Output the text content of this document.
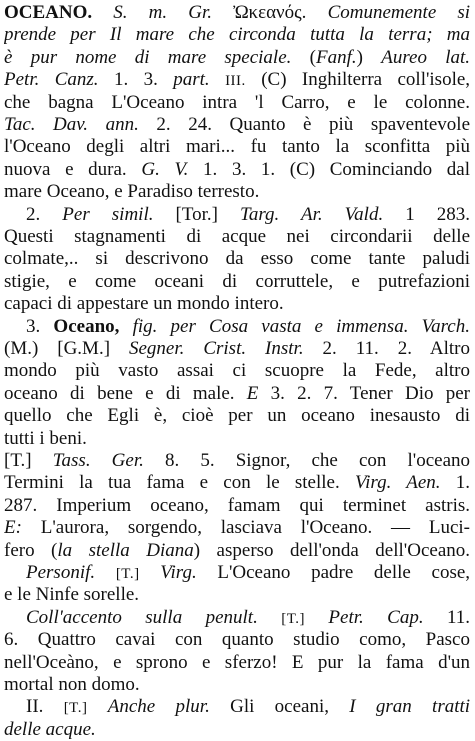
OCEANO. S. m. Gr. Ὠκεανός. Comunemente si
prende per Il mare che circonda tutta la terra; ma
è pur nome di mare speciale. (Fanf.) Aureo lat.
Petr. Canz. 1. 3. part. III. (C) Inghilterra coll'isole,
che bagna L'Oceano intra 'l Carro, e le colonne.
Tac. Dav. ann. 2. 24. Quanto è più spaventevole
l'Oceano degli altri mari... fu tanto la sconfitta più
nuova e dura. G. V. 1. 3. 1. (C) Cominciando dal
mare Oceano, e Paradiso terresto.
2. Per simil. [Tor.] Targ. Ar. Vald. 1 283.
Questi stagnamenti di acque nei circondarii delle
colmate,.. si descrivono da esso come tante paludi
stigie, e come oceani di corruttele, e putrefazioni
capaci di appestare un mondo intero.
3. Oceano, fig. per Cosa vasta e immensa. Varch.
(M.) [G.M.] Segner. Crist. Instr. 2. 11. 2. Altro
mondo più vasto assai ci scuopre la Fede, altro
oceano di bene e di male. E 3. 2. 7. Tener Dio per
quello che Egli è, cioè per un oceano inesausto di
tutti i beni.
[T.] Tass. Ger. 8. 5. Signor, che con l'oceano
Termini la tua fama e con le stelle. Virg. Aen. 1.
287. Imperium oceano, famam qui terminet astris.
E: L'aurora, sorgendo, lasciava l'Oceano. — Luci-
fero (la stella Diana) asperso dell'onda dell'Oceano.
Personif. [T.] Virg. L'Oceano padre delle cose,
e le Ninfe sorelle.
Coll'accento sulla penult. [T.] Petr. Cap. 11.
6. Quattro cavai con quanto studio como, Pasco
nell'Oceàno, e sprono e sferzo! E pur la fama d'un
mortal non domo.
II. [T.] Anche plur. Gli oceani, I gran tratti
delle acque.
